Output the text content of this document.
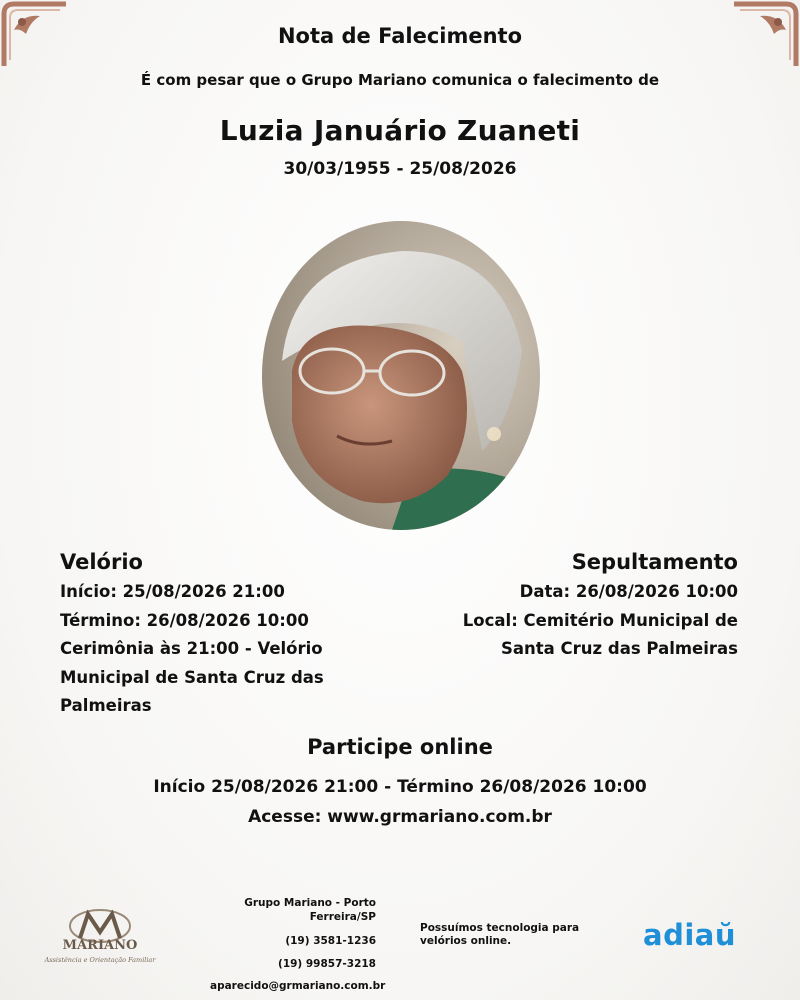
Nota de Falecimento
É com pesar que o Grupo Mariano comunica o falecimento de
Luzia Januário Zuaneti
30/03/1955 - 25/08/2026
Velório
Início: 25/08/2026 21:00
Término: 26/08/2026 10:00
Cerimônia às 21:00 - Velório Municipal de Santa Cruz das Palmeiras
Sepultamento
Data: 26/08/2026 10:00
Local: Cemitério Municipal de Santa Cruz das Palmeiras
Participe online
Início 25/08/2026 21:00 - Término 26/08/2026 10:00
Acesse: www.grmariano.com.br
MARIANO
Assistência e Orientação Familiar
Grupo Mariano - Porto Ferreira/SP
(19) 3581-1236
(19) 99857-3218
aparecido@grmariano.com.br
Possuímos tecnologia para velórios online.	adiaŭ
